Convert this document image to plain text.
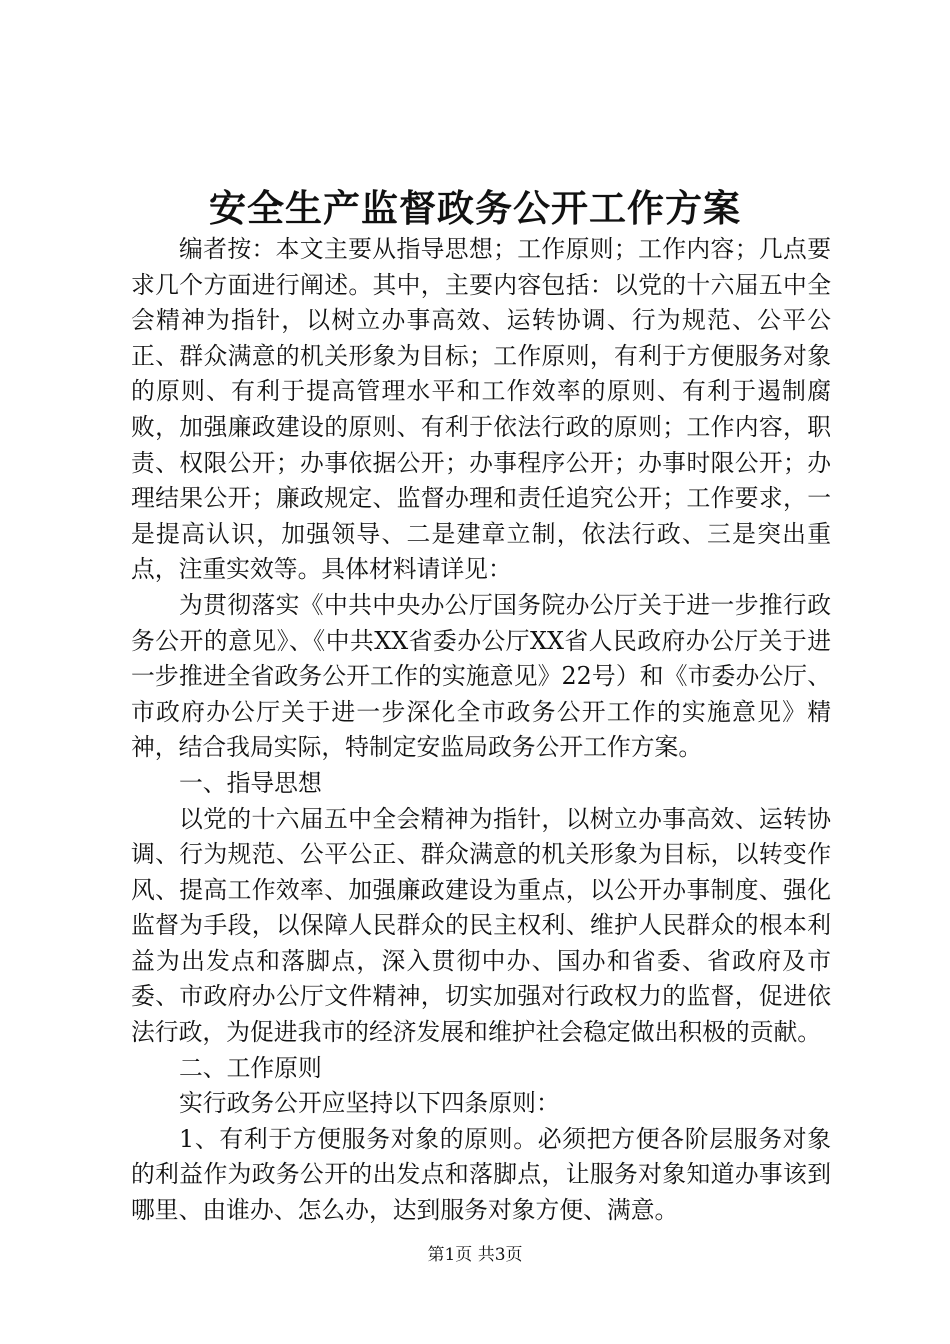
安全生产监督政务公开工作方案

编者按：本文主要从指导思想；工作原则；工作内容；几点要求几个方面进行阐述。其中，主要内容包括：以党的十六届五中全会精神为指针，以树立办事高效、运转协调、行为规范、公平公正、群众满意的机关形象为目标；工作原则，有利于方便服务对象的原则、有利于提高管理水平和工作效率的原则、有利于遏制腐败，加强廉政建设的原则、有利于依法行政的原则；工作内容，职责、权限公开；办事依据公开；办事程序公开；办事时限公开；办理结果公开；廉政规定、监督办理和责任追究公开；工作要求，一是提高认识，加强领导、二是建章立制，依法行政、三是突出重点，注重实效等。具体材料请详见：

为贯彻落实《中共中央办公厅国务院办公厅关于进一步推行政务公开的意见》、《中共XX省委办公厅XX省人民政府办公厅关于进一步推进全省政务公开工作的实施意见》22号）和《市委办公厅、市政府办公厅关于进一步深化全市政务公开工作的实施意见》精神，结合我局实际，特制定安监局政务公开工作方案。

一、指导思想

以党的十六届五中全会精神为指针，以树立办事高效、运转协调、行为规范、公平公正、群众满意的机关形象为目标，以转变作风、提高工作效率、加强廉政建设为重点，以公开办事制度、强化监督为手段，以保障人民群众的民主权利、维护人民群众的根本利益为出发点和落脚点，深入贯彻中办、国办和省委、省政府及市委、市政府办公厅文件精神，切实加强对行政权力的监督，促进依法行政，为促进我市的经济发展和维护社会稳定做出积极的贡献。

二、工作原则

实行政务公开应坚持以下四条原则：

1、有利于方便服务对象的原则。必须把方便各阶层服务对象的利益作为政务公开的出发点和落脚点，让服务对象知道办事该到哪里、由谁办、怎么办，达到服务对象方便、满意。

第1页 共3页
